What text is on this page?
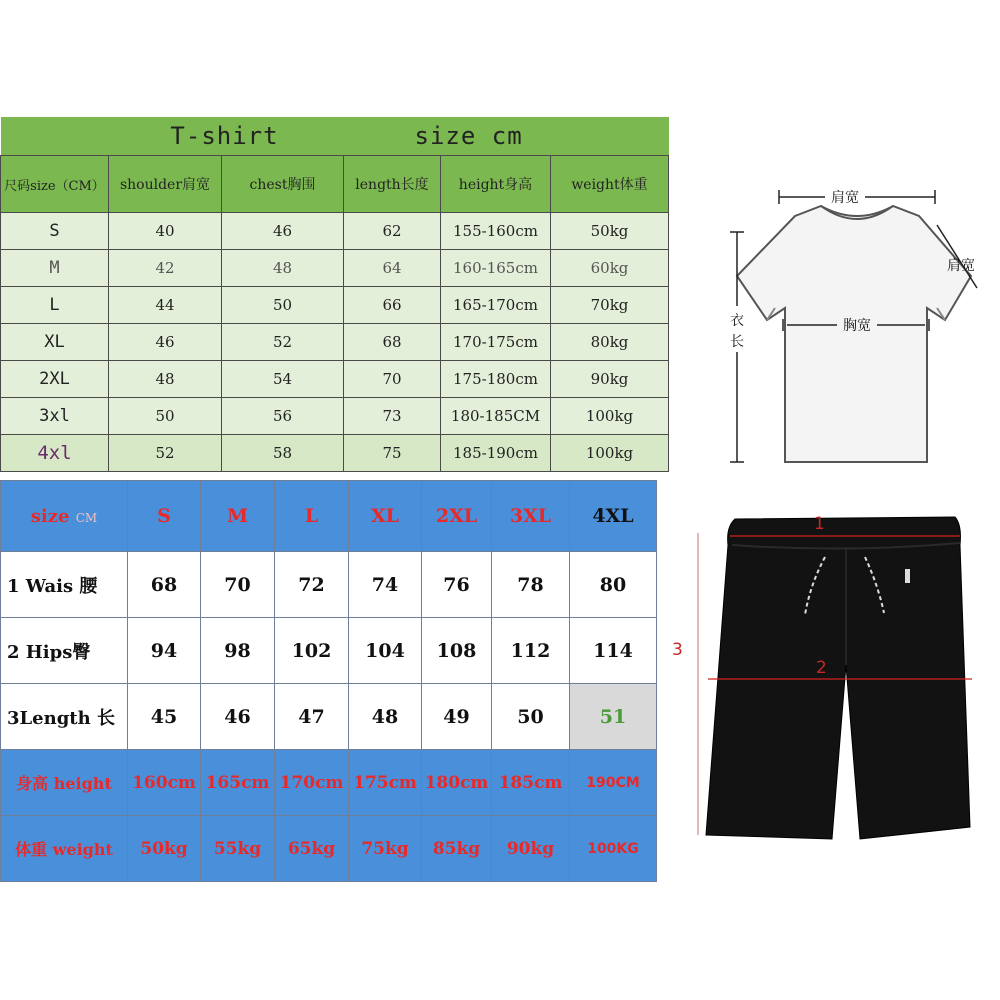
T-shirt size cm					
尺码size（CM）	shoulder肩宽	chest胸围	length长度	height身高	weight体重
S	40	46	62	155-160cm	50kg
M	42	48	64	160-165cm	60kg
L	44	50	66	165-170cm	70kg
XL	46	52	68	170-175cm	80kg
2XL	48	54	70	175-180cm	90kg
3xl	50	56	73	180-185CM	100kg
4xl	52	58	75	185-190cm	100kg
size CM	S	M	L	XL	2XL	3XL	4XL
1 Wais 腰	68	70	72	74	76	78	80
2 Hips臀	94	98	102	104	108	112	114
3Length 长	45	46	47	48	49	50	51
身高 height	160cm	165cm	170cm	175cm	180cm	185cm	190CM
体重 weight	50kg	55kg	65kg	75kg	85kg	90kg	100KG
肩宽
肩宽
胸宽
衣
长
1
2
3
